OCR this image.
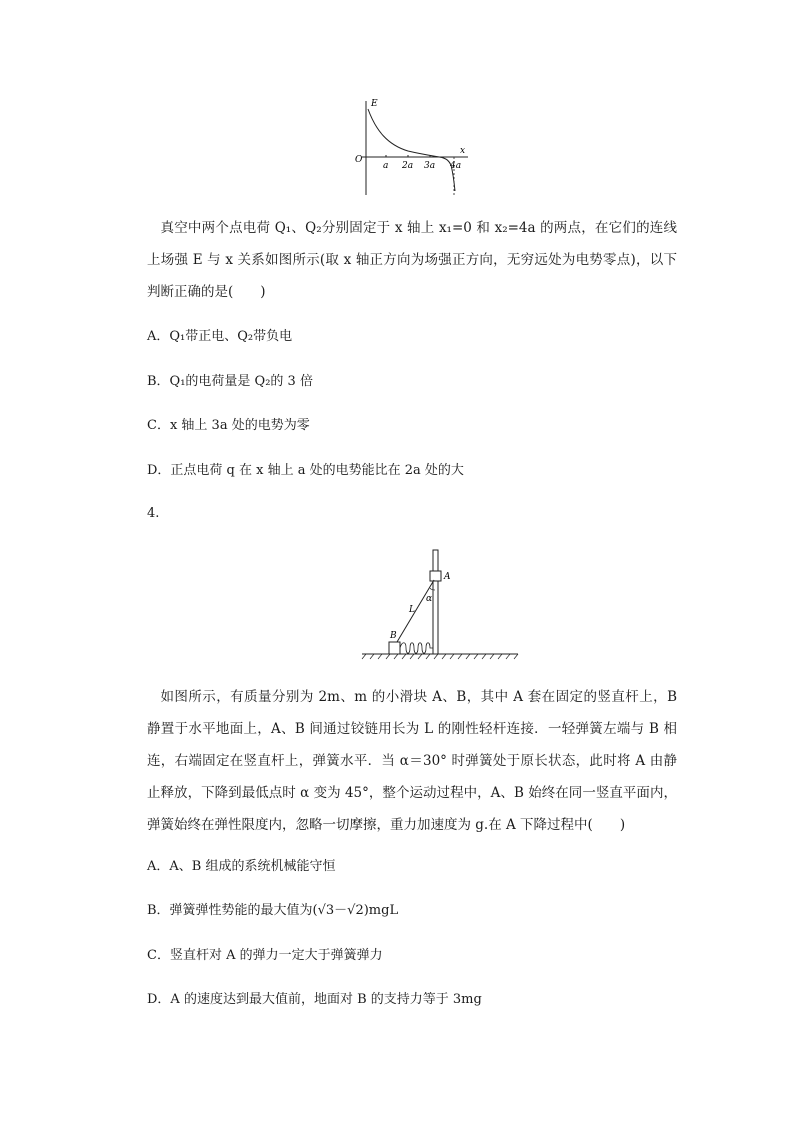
E
x
O
a 2a 3a 4a

真空中两个点电荷 Q₁、Q₂分别固定于 x 轴上 x₁=0 和 x₂=4a 的两点，在它们的连线上场强 E 与 x 关系如图所示(取 x 轴正方向为场强正方向，无穷远处为电势零点)，以下判断正确的是(　　)

A．Q₁带正电、Q₂带负电

B．Q₁的电荷量是 Q₂的 3 倍

C．x 轴上 3a 处的电势为零

D．正点电荷 q 在 x 轴上 a 处的电势能比在 2a 处的大

4.
A
B
L
α

如图所示，有质量分别为 2m、m 的小滑块 A、B，其中 A 套在固定的竖直杆上，B 静置于水平地面上，A、B 间通过铰链用长为 L 的刚性轻杆连接．一轻弹簧左端与 B 相连，右端固定在竖直杆上，弹簧水平．当 α＝30° 时弹簧处于原长状态，此时将 A 由静止释放，下降到最低点时 α 变为 45°，整个运动过程中，A、B 始终在同一竖直平面内，弹簧始终在弹性限度内，忽略一切摩擦，重力加速度为 g.在 A 下降过程中(　　)

A．A、B 组成的系统机械能守恒

B．弹簧弹性势能的最大值为(√3－√2)mgL

C．竖直杆对 A 的弹力一定大于弹簧弹力

D．A 的速度达到最大值前，地面对 B 的支持力等于 3mg
